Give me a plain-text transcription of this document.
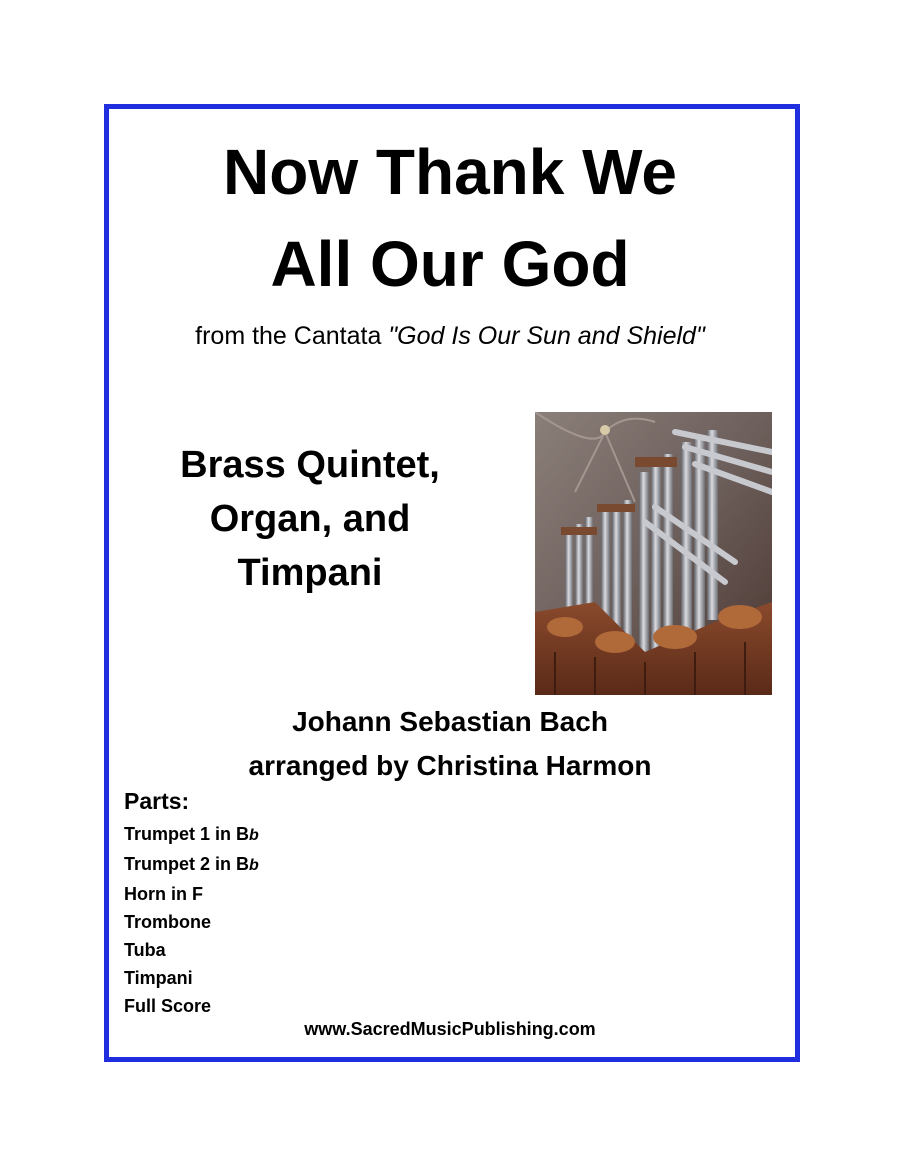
Now Thank We
All Our God
from the Cantata "God Is Our Sun and Shield"
Brass Quintet,
Organ, and
Timpani
Johann Sebastian Bach
arranged by Christina Harmon
Parts:
Trumpet 1 in Bb
Trumpet 2 in Bb
Horn in F
Trombone
Tuba
Timpani
Full Score
www.SacredMusicPublishing.com
